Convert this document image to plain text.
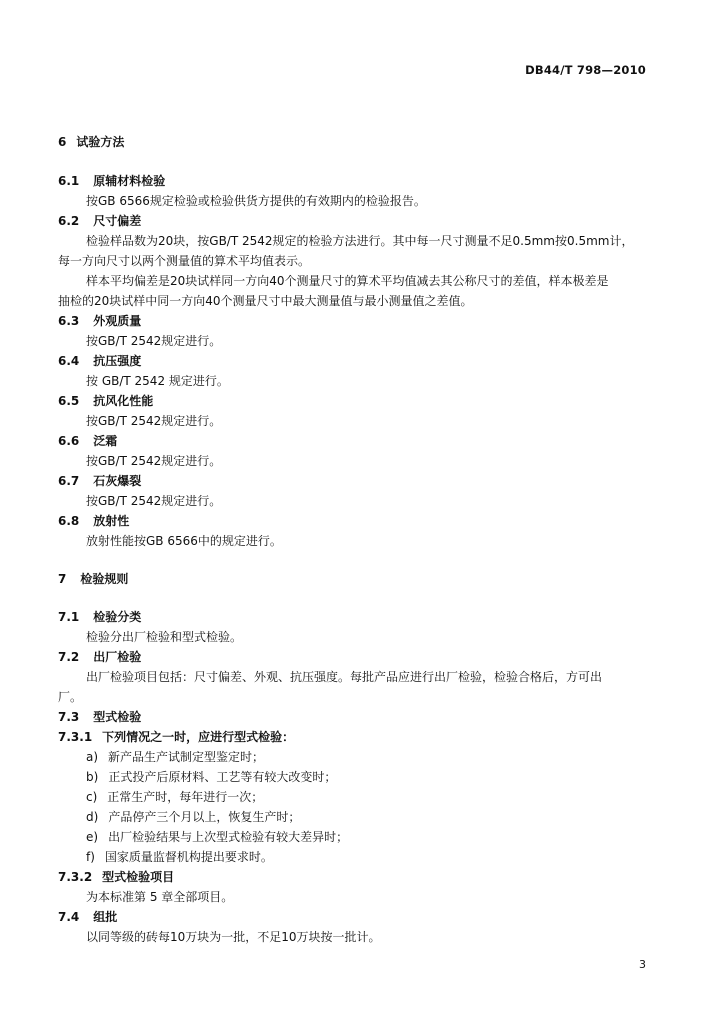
DB44/T 798—2010
6 试验方法
6.1 原辅材料检验
按GB 6566规定检验或检验供货方提供的有效期内的检验报告。
6.2 尺寸偏差
检验样品数为20块，按GB/T 2542规定的检验方法进行。其中每一尺寸测量不足0.5mm按0.5mm计，
每一方向尺寸以两个测量值的算术平均值表示。
样本平均偏差是20块试样同一方向40个测量尺寸的算术平均值减去其公称尺寸的差值，样本极差是
抽检的20块试样中同一方向40个测量尺寸中最大测量值与最小测量值之差值。
6.3 外观质量
按GB/T 2542规定进行。
6.4 抗压强度
按 GB/T 2542 规定进行。
6.5 抗风化性能
按GB/T 2542规定进行。
6.6 泛霜
按GB/T 2542规定进行。
6.7 石灰爆裂
按GB/T 2542规定进行。
6.8 放射性
放射性能按GB 6566中的规定进行。
7 检验规则
7.1 检验分类
检验分出厂检验和型式检验。
7.2 出厂检验
出厂检验项目包括：尺寸偏差、外观、抗压强度。每批产品应进行出厂检验，检验合格后，方可出
厂。
7.3 型式检验
7.3.1 下列情况之一时，应进行型式检验：
a) 新产品生产试制定型鉴定时；
b) 正式投产后原材料、工艺等有较大改变时；
c) 正常生产时，每年进行一次；
d) 产品停产三个月以上，恢复生产时；
e) 出厂检验结果与上次型式检验有较大差异时；
f) 国家质量监督机构提出要求时。
7.3.2 型式检验项目
为本标准第 5 章全部项目。
7.4 组批
以同等级的砖每10万块为一批，不足10万块按一批计。
3
